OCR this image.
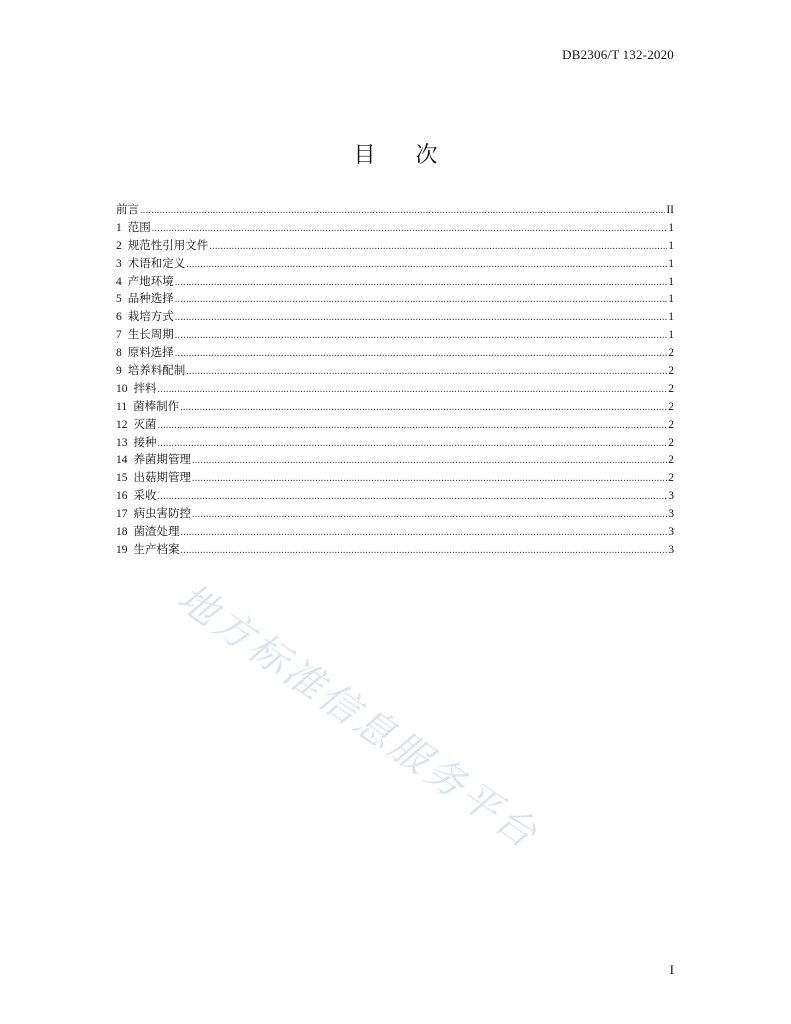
DB2306/T 132-2020
目 次
前言 .....	II
1 范围 .....	1
2 规范性引用文件 .....	1
3 术语和定义 .....	1
4 产地环境 .....	1
5 品种选择 .....	1
6 栽培方式 .....	1
7 生长周期 .....	1
8 原料选择 .....	2
9 培养料配制 .....	2
10 拌料 .....	2
11 菌棒制作 .....	2
12 灭菌 .....	2
13 接种 .....	2
14 养菌期管理 .....	2
15 出菇期管理 .....	2
16 采收 .....	3
17 病虫害防控 .....	3
18 菌渣处理 .....	3
19 生产档案 .....	3
地方标准信息服务平台
I
